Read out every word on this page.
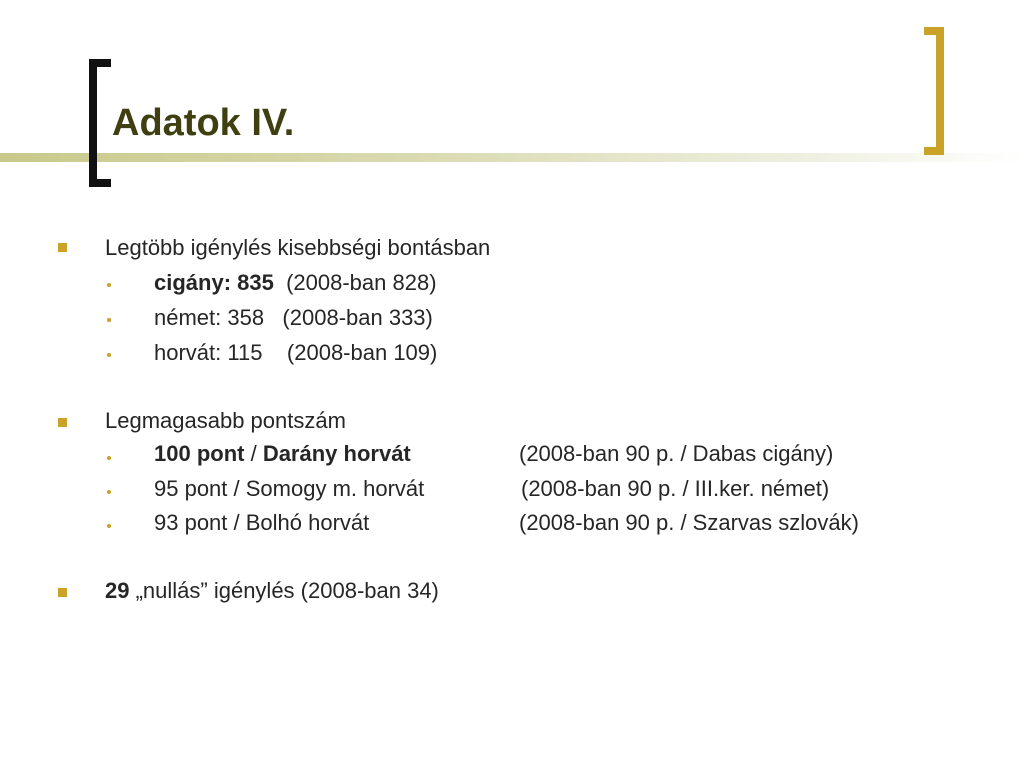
Adatok IV.
Legtöbb igénylés kisebbségi bontásban
cigány: 835 (2008-ban 828)
német: 358 (2008-ban 333)
horvát: 115 (2008-ban 109)
Legmagasabb pontszám
100 pont / Darány horvát	(2008-ban 90 p. / Dabas cigány)
95 pont / Somogy m. horvát	(2008-ban 90 p. / III.ker. német)
93 pont / Bolhó horvát	(2008-ban 90 p. / Szarvas szlovák)
29 „nullás” igénylés (2008-ban 34)
